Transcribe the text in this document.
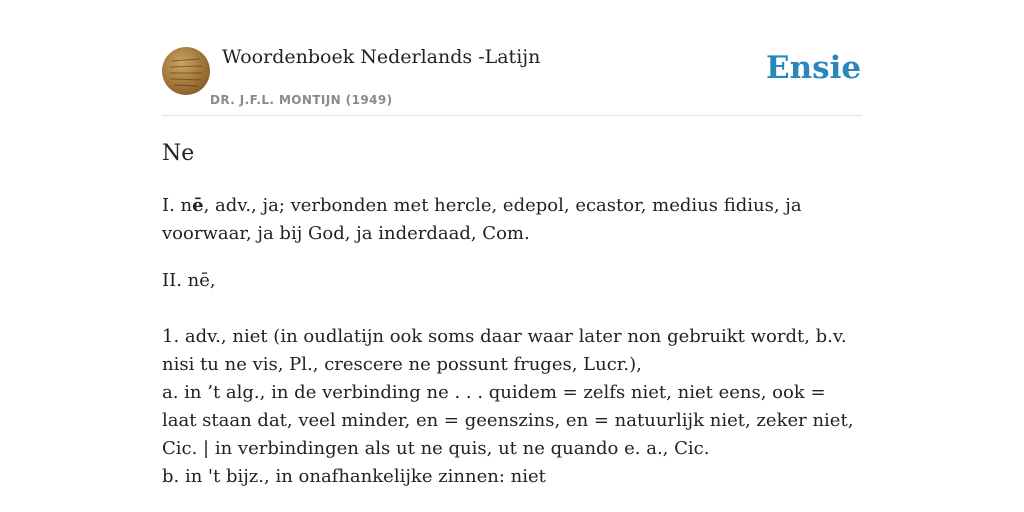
Woordenboek Nederlands -Latijn
DR. J.F.L. MONTIJN (1949)
Ensie
Ne

I. nē, adv., ja; verbonden met hercle, edepol, ecastor, medius fidius, ja voorwaar, ja bij God, ja inderdaad, Com.

II. nē,

1. adv., niet (in oudlatijn ook soms daar waar later non gebruikt wordt, b.v. nisi tu ne vis, Pl., crescere ne possunt fruges, Lucr.),
a. in ’t alg., in de verbinding ne . . . quidem = zelfs niet, niet eens, ook = laat staan dat, veel minder, en = geenszins, en = natuurlijk niet, zeker niet, Cic. | in verbindingen als ut ne quis, ut ne quando e. a., Cic.
b. in 't bijz., in onafhankelijke zinnen: niet
